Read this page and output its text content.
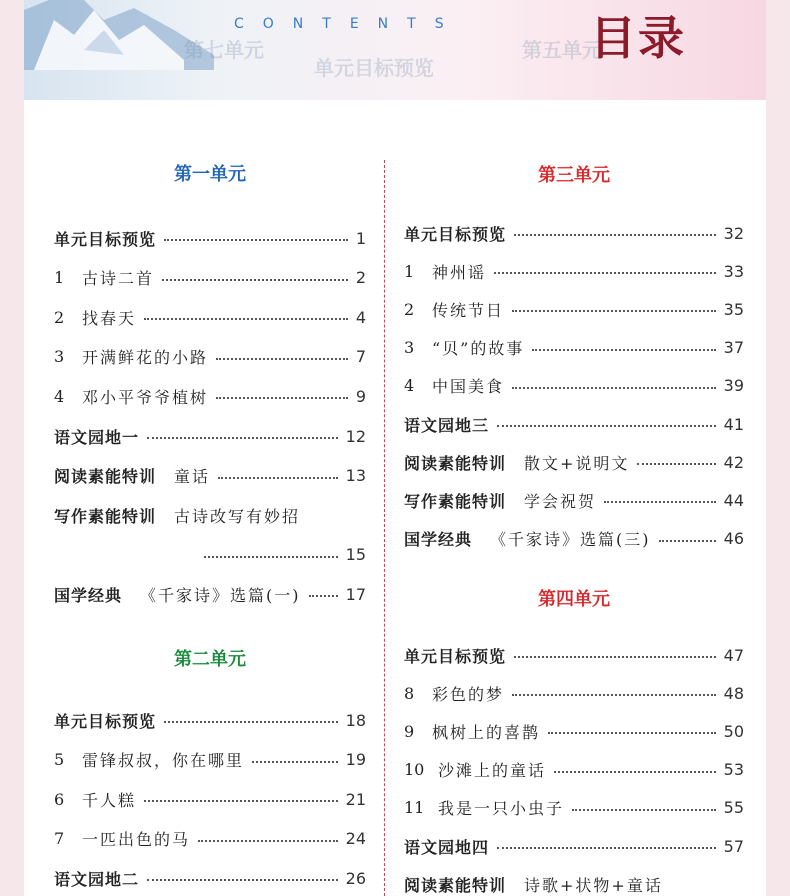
第七单元	第五单元
单元目标预览
CONTENTS	目录
第一单元
单元目标预览	1
1	古诗二首	2
2	找春天	4
3	开满鲜花的小路	7
4	邓小平爷爷植树	9
语文园地一	12
阅读素能特训 童话	13
写作素能特训 古诗改写有妙招
15
国学经典 《千家诗》选篇(一)	17
第二单元
单元目标预览	18
5	雷锋叔叔，你在哪里	19
6	千人糕	21
7	一匹出色的马	24
语文园地二	26
第三单元
单元目标预览	32
1	神州谣	33
2	传统节日	35
3	“贝”的故事	37
4	中国美食	39
语文园地三	41
阅读素能特训 散文+说明文	42
写作素能特训 学会祝贺	44
国学经典 《千家诗》选篇(三)	46
第四单元
单元目标预览	47
8	彩色的梦	48
9	枫树上的喜鹊	50
10 沙滩上的童话	53
11 我是一只小虫子	55
语文园地四	57
阅读素能特训 诗歌+状物+童话
